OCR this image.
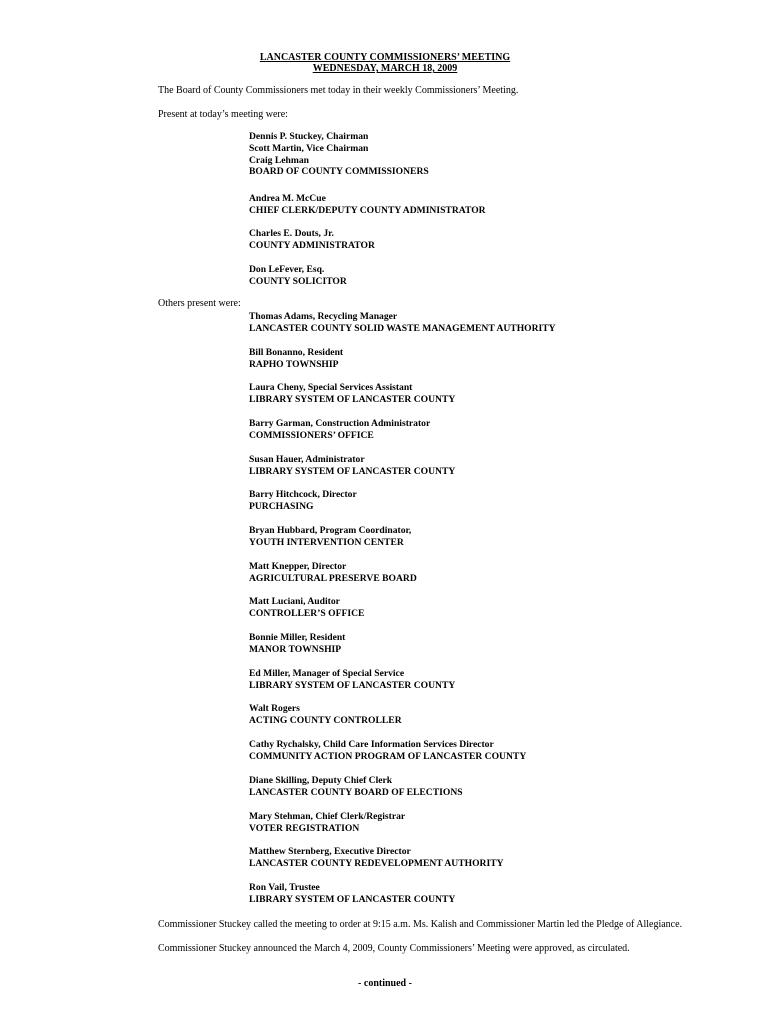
LANCASTER COUNTY COMMISSIONERS’ MEETING
WEDNESDAY, MARCH 18, 2009
The Board of County Commissioners met today in their weekly Commissioners’ Meeting.
Present at today’s meeting were:
Dennis P. Stuckey, Chairman
Scott Martin, Vice Chairman
Craig Lehman
BOARD OF COUNTY COMMISSIONERS
Andrea M. McCue
CHIEF CLERK/DEPUTY COUNTY ADMINISTRATOR
Charles E. Douts, Jr.
COUNTY ADMINISTRATOR
Don LeFever, Esq.
COUNTY SOLICITOR
Others present were:
Thomas Adams, Recycling Manager
LANCASTER COUNTY SOLID WASTE MANAGEMENT AUTHORITY
Bill Bonanno, Resident
RAPHO TOWNSHIP
Laura Cheny, Special Services Assistant
LIBRARY SYSTEM OF LANCASTER COUNTY
Barry Garman, Construction Administrator
COMMISSIONERS’ OFFICE
Susan Hauer, Administrator
LIBRARY SYSTEM OF LANCASTER COUNTY
Barry Hitchcock, Director
PURCHASING
Bryan Hubbard, Program Coordinator,
YOUTH INTERVENTION CENTER
Matt Knepper, Director
AGRICULTURAL PRESERVE BOARD
Matt Luciani, Auditor
CONTROLLER’S OFFICE
Bonnie Miller, Resident
MANOR TOWNSHIP
Ed Miller, Manager of Special Service
LIBRARY SYSTEM OF LANCASTER COUNTY
Walt Rogers
ACTING COUNTY CONTROLLER
Cathy Rychalsky, Child Care Information Services Director
COMMUNITY ACTION PROGRAM OF LANCASTER COUNTY
Diane Skilling, Deputy Chief Clerk
LANCASTER COUNTY BOARD OF ELECTIONS
Mary Stehman, Chief Clerk/Registrar
VOTER REGISTRATION
Matthew Sternberg, Executive Director
LANCASTER COUNTY REDEVELOPMENT AUTHORITY
Ron Vail, Trustee
LIBRARY SYSTEM OF LANCASTER COUNTY
Commissioner Stuckey called the meeting to order at 9:15 a.m. Ms. Kalish and Commissioner Martin led the Pledge of Allegiance.
Commissioner Stuckey announced the March 4, 2009, County Commissioners’ Meeting were approved, as circulated.
- continued -
